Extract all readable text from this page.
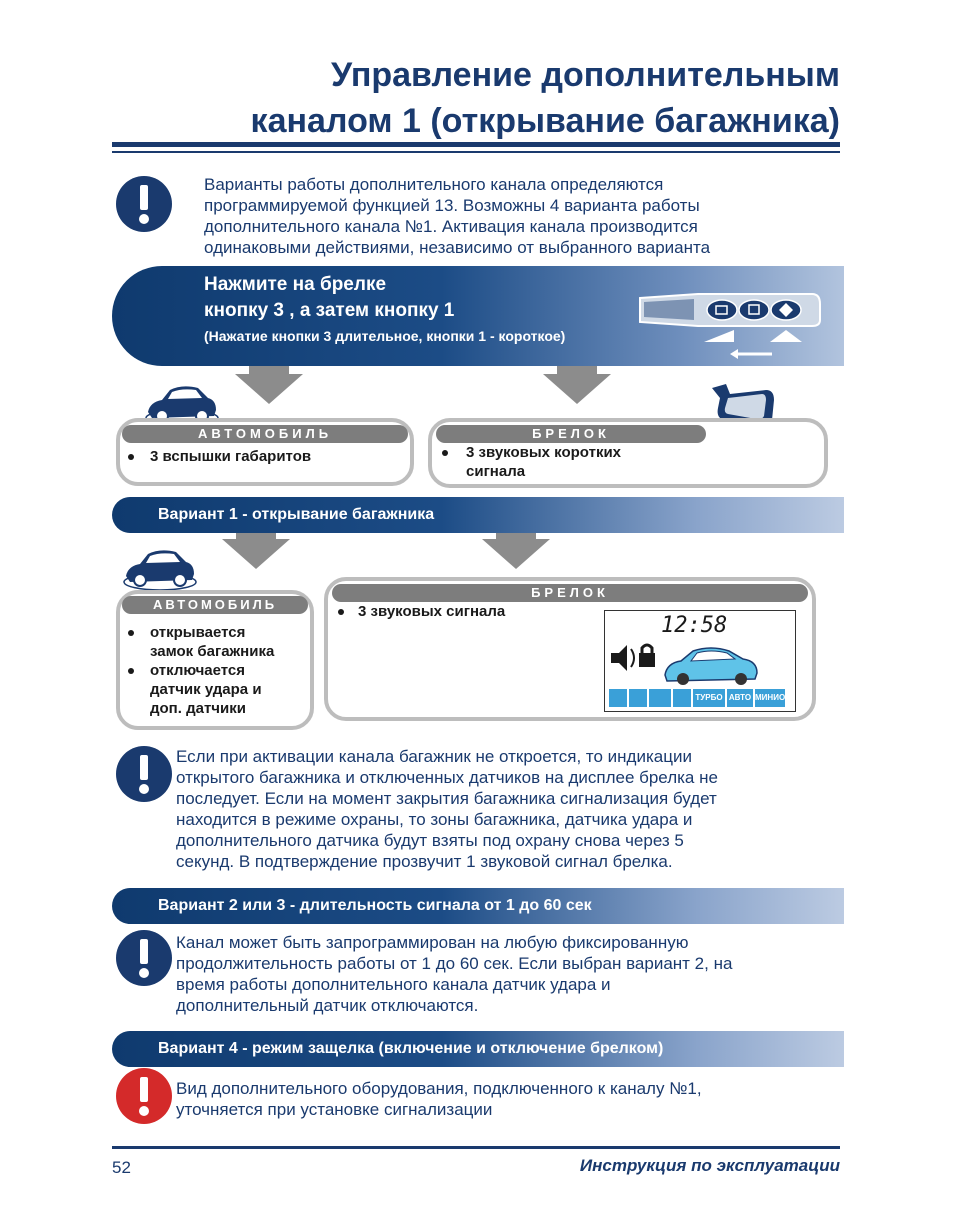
Управление дополнительным
каналом 1 (открывание багажника)
Варианты работы дополнительного канала определяются
программируемой функцией 13. Возможны 4 варианта работы
дополнительного канала №1. Активация канала производится
одинаковыми действиями, независимо от выбранного варианта
Нажмите на брелке
кнопку 3 , а затем кнопку 1
(Нажатие кнопки 3 длительное, кнопки 1 - короткое)
АВТОМОБИЛЬ
3 вспышки габаритов
БРЕЛОК
3 звуковых коротких
сигнала
Вариант 1 - открывание багажника
АВТОМОБИЛЬ
открывается
замок багажника
отключается
датчик удара и
доп. датчики
БРЕЛОК
3 звуковых сигнала
12:58
ТУРБО АВТО МИНИО
Если при активации канала багажник не откроется, то индикации
открытого багажника и отключенных датчиков на дисплее брелка не
последует. Если на момент закрытия багажника сигнализация будет
находится в режиме охраны, то зоны багажника, датчика удара и
дополнительного датчика будут взяты под охрану снова через 5
секунд. В подтверждение прозвучит 1 звуковой сигнал брелка.
Вариант 2 или 3 - длительность сигнала от 1 до 60 сек
Канал может быть запрограммирован на любую фиксированную
продолжительность работы от 1 до 60 сек. Если выбран вариант 2, на
время работы дополнительного канала датчик удара и
дополнительный датчик отключаются.
Вариант 4 - режим защелка (включение и отключение брелком)
Вид дополнительного оборудования, подключенного к каналу №1,
уточняется при установке сигнализации
52	Инструкция по эксплуатации
